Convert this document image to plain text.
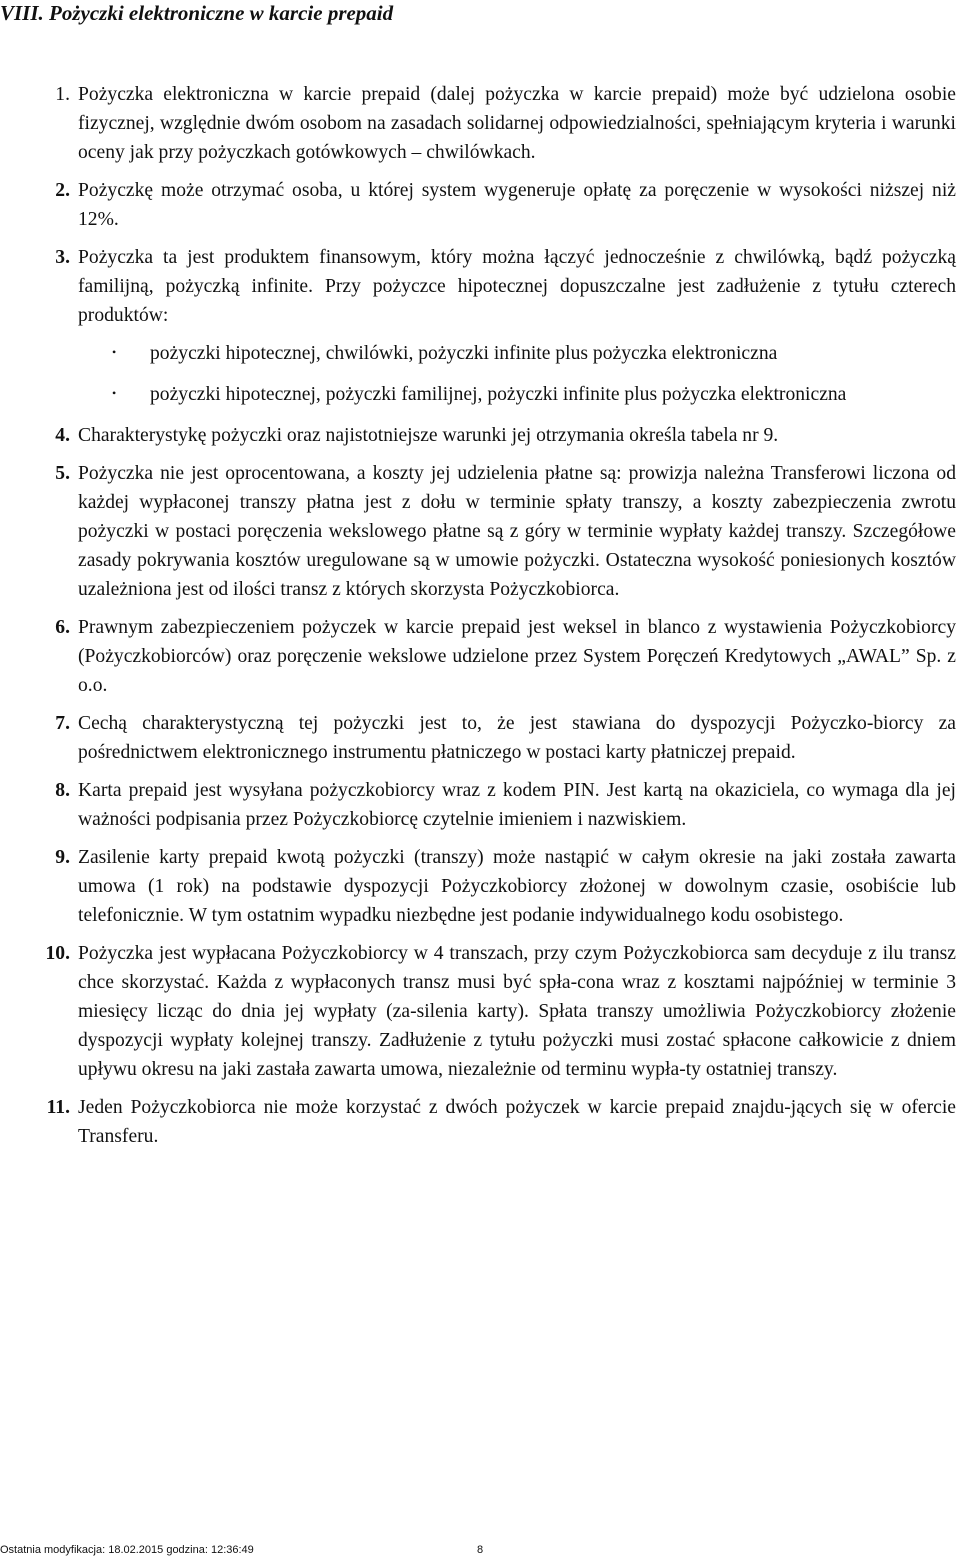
VIII. Pożyczki elektroniczne w karcie prepaid
1. Pożyczka elektroniczna w karcie prepaid (dalej pożyczka w karcie prepaid) może być udzielona osobie fizycznej, względnie dwóm osobom na zasadach solidarnej odpowiedzialności, spełniającym kryteria i warunki oceny jak przy pożyczkach gotówkowych – chwilówkach.
2. Pożyczkę może otrzymać osoba, u której system wygeneruje opłatę za poręczenie w wysokości niższej niż 12%.
3. Pożyczka ta jest produktem finansowym, który można łączyć jednocześnie z chwilówką, bądź pożyczką familijną, pożyczką infinite. Przy pożyczce hipotecznej dopuszczalne jest zadłużenie z tytułu czterech produktów:
• pożyczki hipotecznej, chwilówki, pożyczki infinite plus pożyczka elektroniczna
• pożyczki hipotecznej, pożyczki familijnej, pożyczki infinite plus pożyczka elektroniczna
4. Charakterystykę pożyczki oraz najistotniejsze warunki jej otrzymania określa tabela nr 9.
5. Pożyczka nie jest oprocentowana, a koszty jej udzielenia płatne są: prowizja należna Transferowi liczona od każdej wypłaconej transzy płatna jest z dołu w terminie spłaty transzy, a koszty zabezpieczenia zwrotu pożyczki w postaci poręczenia wekslowego płatne są z góry w terminie wypłaty każdej transzy. Szczegółowe zasady pokrywania kosztów uregulowane są w umowie pożyczki. Ostateczna wysokość poniesionych kosztów uzależniona jest od ilości transz z których skorzysta Pożyczkobiorca.
6. Prawnym zabezpieczeniem pożyczek w karcie prepaid jest weksel in blanco z wystawienia Pożyczkobiorcy (Pożyczkobiorców) oraz poręczenie wekslowe udzielone przez System Poręczeń Kredytowych „AWAL” Sp. z o.o.
7. Cechą charakterystyczną tej pożyczki jest to, że jest stawiana do dyspozycji Pożyczko-biorcy za pośrednictwem elektronicznego instrumentu płatniczego w postaci karty płatniczej prepaid.
8. Karta prepaid jest wysyłana pożyczkobiorcy wraz z kodem PIN. Jest kartą na okaziciela, co wymaga dla jej ważności podpisania przez Pożyczkobiorcę czytelnie imieniem i nazwiskiem.
9. Zasilenie karty prepaid kwotą pożyczki (transzy) może nastąpić w całym okresie na jaki została zawarta umowa (1 rok) na podstawie dyspozycji Pożyczkobiorcy złożonej w dowolnym czasie, osobiście lub telefonicznie. W tym ostatnim wypadku niezbędne jest podanie indywidualnego kodu osobistego.
10. Pożyczka jest wypłacana Pożyczkobiorcy w 4 transzach, przy czym Pożyczkobiorca sam decyduje z ilu transz chce skorzystać. Każda z wypłaconych transz musi być spła-cona wraz z kosztami najpóźniej w terminie 3 miesięcy licząc do dnia jej wypłaty (za-silenia karty). Spłata transzy umożliwia Pożyczkobiorcy złożenie dyspozycji wypłaty kolejnej transzy. Zadłużenie z tytułu pożyczki musi zostać spłacone całkowicie z dniem upływu okresu na jaki zastała zawarta umowa, niezależnie od terminu wypła-ty ostatniej transzy.
11. Jeden Pożyczkobiorca nie może korzystać z dwóch pożyczek w karcie prepaid znajdu-jących się w ofercie Transferu.
Ostatnia modyfikacja: 18.02.2015 godzina: 12:36:49	8
